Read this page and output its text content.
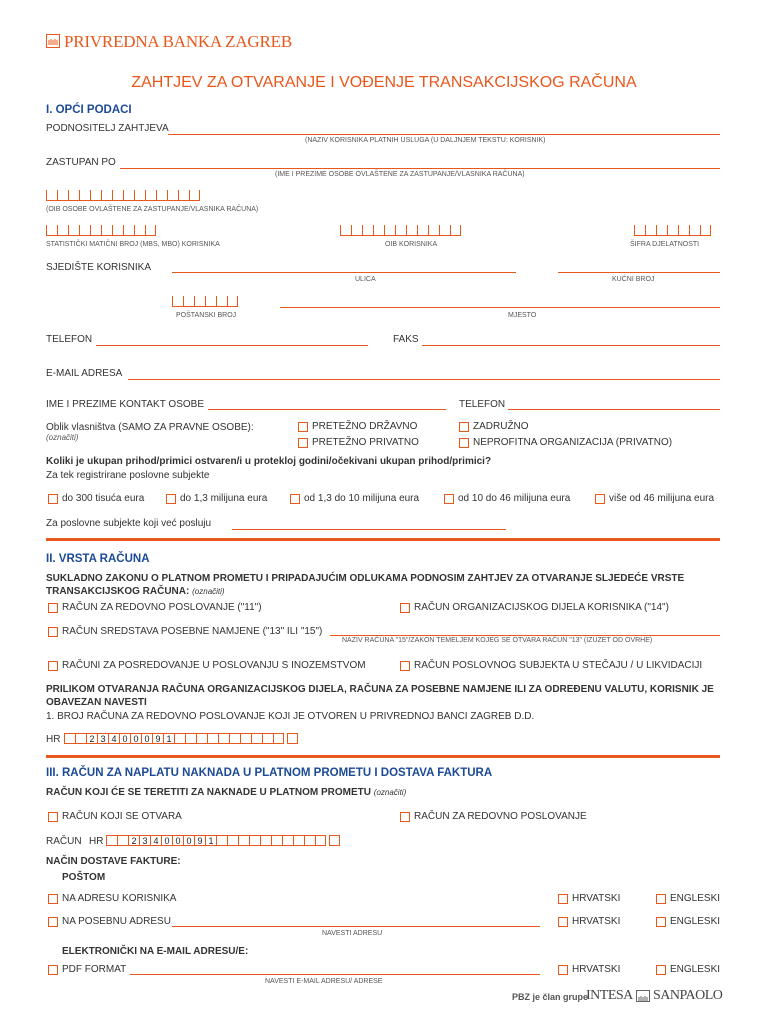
PRIVREDNA BANKA ZAGREB
ZAHTJEV ZA OTVARANJE I VOĐENJE TRANSAKCIJSKOG RAČUNA
I. OPĆI PODACI
PODNOSITELJ ZAHTJEVA
(NAZIV KORISNIKA PLATNIH USLUGA (U DALJNJEM TEKSTU: KORISNIK)
ZASTUPAN PO
(IME I PREZIME OSOBE OVLAŠTENE ZA ZASTUPANJE/VLASNIKA RAČUNA)
(OIB OSOBE OVLAŠTENE ZA ZASTUPANJE/VLASNIKA RAČUNA)
STATISTIČKI MATIČNI BROJ (MBS, MBO) KORISNIKA	OIB KORISNIKA	ŠIFRA DJELATNOSTI
SJEDIŠTE KORISNIKA
ULICA	KUĆNI BROJ
POŠTANSKI BROJ	MJESTO
TELEFON	FAKS
E-MAIL ADRESA
IME I PREZIME KONTAKT OSOBE	TELEFON
Oblik vlasništva (SAMO ZA PRAVNE OSOBE):
(označiti)
PRETEŽNO DRŽAVNO	ZADRUŽNO
PRETEŽNO PRIVATNO	NEPROFITNA ORGANIZACIJA (PRIVATNO)
Koliki je ukupan prihod/primici ostvaren/i u protekloj godini/očekivani ukupan prihod/primici?
Za tek registrirane poslovne subjekte
do 300 tisuća eura	do 1,3 milijuna eura	od 1,3 do 10 milijuna eura	od 10 do 46 milijuna eura	više od 46 milijuna eura
Za poslovne subjekte koji već posluju
II. VRSTA RAČUNA
SUKLADNO ZAKONU O PLATNOM PROMETU I PRIPADAJUĆIM ODLUKAMA PODNOSIM ZAHTJEV ZA OTVARANJE SLJEDEĆE VRSTE
TRANSAKCIJSKOG RAČUNA: (označiti)
RAČUN ZA REDOVNO POSLOVANJE ("11")	RAČUN ORGANIZACIJSKOG DIJELA KORISNIKA ("14")
RAČUN SREDSTAVA POSEBNE NAMJENE ("13" ILI "15")
NAZIV RAČUNA "15"/ZAKON TEMELJEM KOJEG SE OTVARA RAČUN "13" (IZUZET OD OVRHE)
RAČUNI ZA POSREDOVANJE U POSLOVANJU S INOZEMSTVOM	RAČUN POSLOVNOG SUBJEKTA U STEČAJU / U LIKVIDACIJI
PRILIKOM OTVARANJA RAČUNA ORGANIZACIJSKOG DIJELA, RAČUNA ZA POSEBNE NAMJENE ILI ZA ODREĐENU VALUTU, KORISNIK JE
OBAVEZAN NAVESTI
1. BROJ RAČUNA ZA REDOVNO POSLOVANJE KOJI JE OTVOREN U PRIVREDNOJ BANCI ZAGREB D.D.
HR	2 3 4 0 0 0 9 1
III. RAČUN ZA NAPLATU NAKNADA U PLATNOM PROMETU I DOSTAVA FAKTURA
RAČUN KOJI ĆE SE TERETITI ZA NAKNADE U PLATNOM PROMETU (označiti)
RAČUN KOJI SE OTVARA	RAČUN ZA REDOVNO POSLOVANJE
RAČUN HR	2 3 4 0 0 0 9 1
NAČIN DOSTAVE FAKTURE:
POŠTOM
NA ADRESU KORISNIKA	HRVATSKI	ENGLESKI
NA POSEBNU ADRESU
NAVESTI ADRESU
HRVATSKI	ENGLESKI
ELEKTRONIČKI NA E-MAIL ADRESU/E:
PDF FORMAT
NAVESTI E-MAIL ADRESU/ ADRESE
HRVATSKI	ENGLESKI
PBZ je član grupe
INTESA SANPAOLO
